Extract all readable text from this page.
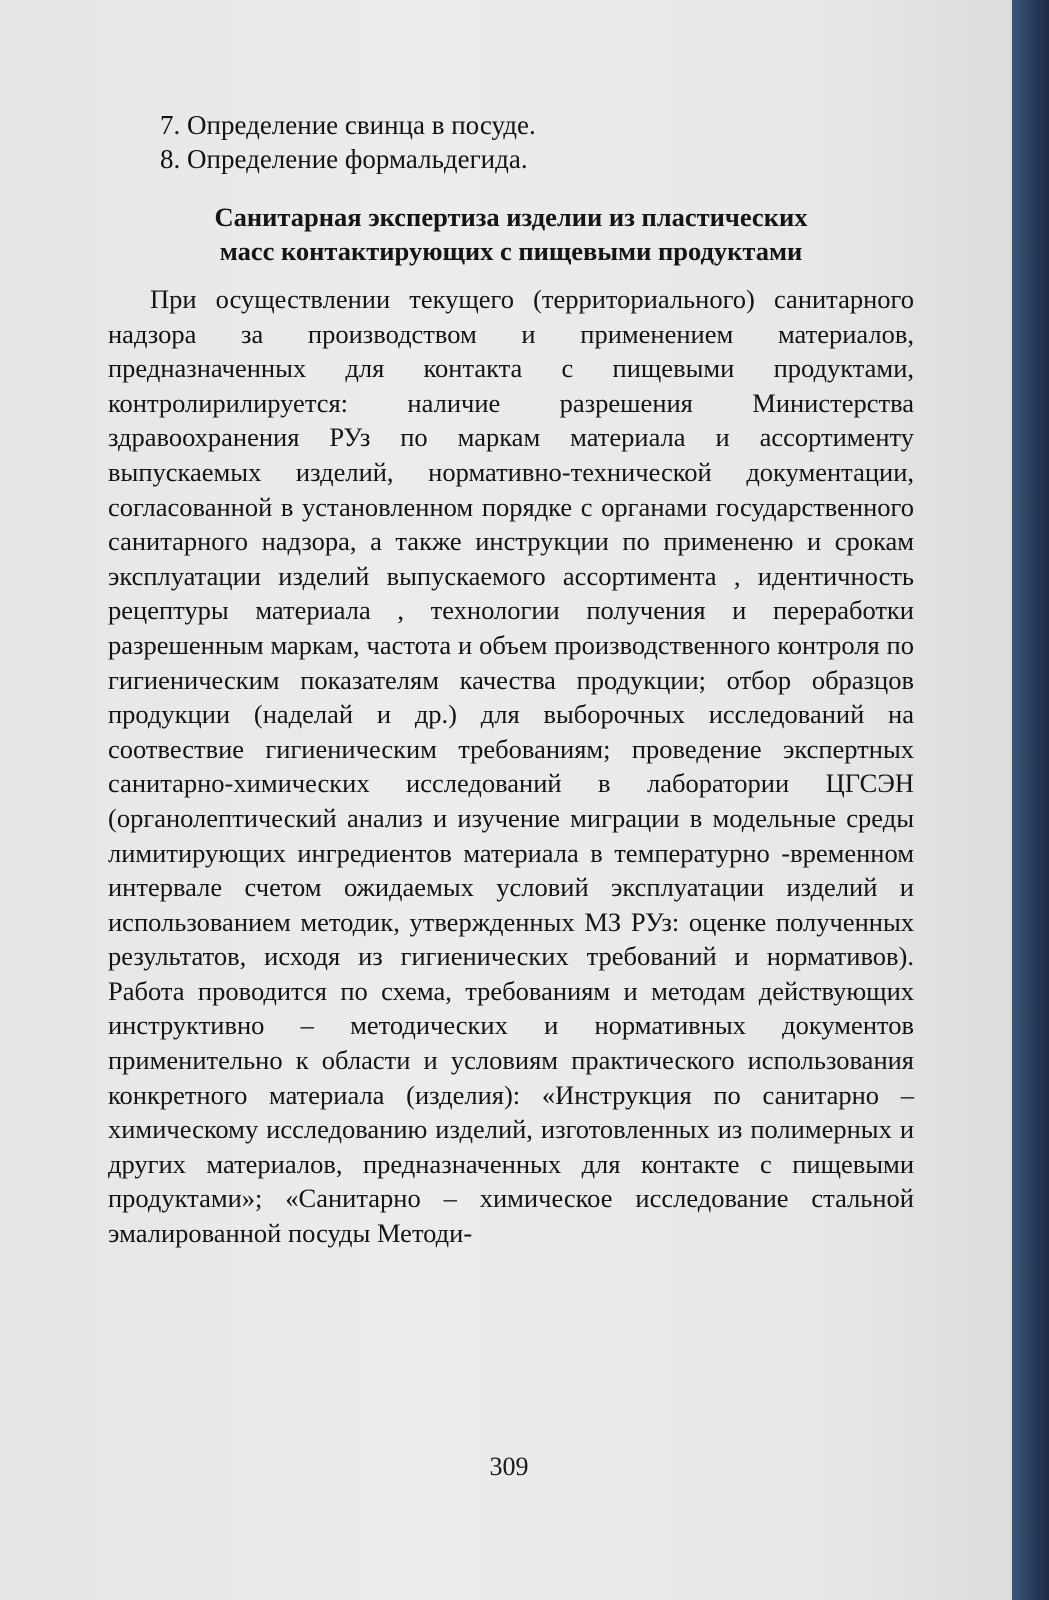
7. Определение свинца в посуде.
8. Определение формальдегида.
Санитарная экспертиза изделии из пластических
масс контактирующих с пищевыми продуктами

При осуществлении текущего (территориального) санитарного надзора за производством и применением материалов, предназначенных для контакта с пищевыми продуктами, контролирилируется: наличие разрешения Министерства здравоохранения РУз по маркам материала и ассортименту выпускаемых изделий, нормативно-технической документации, согласованной в установленном порядке с органами государственного санитарного надзора, а также инструкции по примененю и срокам эксплуатации изделий выпускаемого ассортимента , идентичность рецептуры материала , технологии получения и переработки разрешенным маркам, частота и объем производственного контроля по гигиеническим показателям качества продукции; отбор образцов продукции (наделай и др.) для выборочных исследований на соотвествие гигиеническим требованиям; проведение экспертных санитарно-химических исследований в лаборатории ЦГСЭН (органолептический анализ и изучение миграции в модельные среды лимитирующих ингредиентов материала в температурно -временном интервале счетом ожидаемых условий эксплуатации изделий и использованием методик, утвержденных МЗ РУз: оценке полученных результатов, исходя из гигиенических требований и нормативов). Работа проводится по схема, требованиям и методам действующих инструктивно – методических и нормативных документов применительно к области и условиям практического использования конкретного материала (изделия): «Инструкция по санитарно – химическому исследованию изделий, изготовленных из полимерных и других материалов, предназначенных для контакте с пищевыми продуктами»; «Санитарно – химическое исследование стальной эмалированной посуды Методи-

309
